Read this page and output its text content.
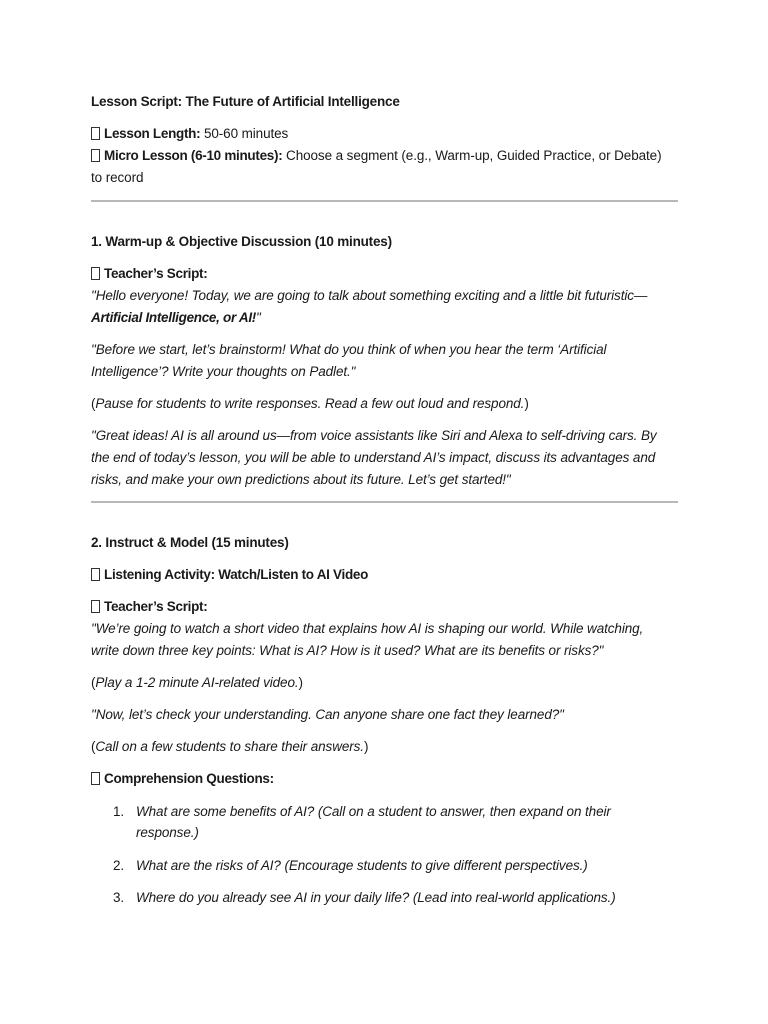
Lesson Script: The Future of Artificial Intelligence
Lesson Length: 50-60 minutes
Micro Lesson (6-10 minutes): Choose a segment (e.g., Warm-up, Guided Practice, or Debate)
to record
1. Warm-up & Objective Discussion (10 minutes)
Teacher’s Script:
"Hello everyone! Today, we are going to talk about something exciting and a little bit futuristic—
Artificial Intelligence, or AI!"
"Before we start, let’s brainstorm! What do you think of when you hear the term ‘Artificial
Intelligence’? Write your thoughts on Padlet."
(Pause for students to write responses. Read a few out loud and respond.)
"Great ideas! AI is all around us—from voice assistants like Siri and Alexa to self-driving cars. By
the end of today’s lesson, you will be able to understand AI’s impact, discuss its advantages and
risks, and make your own predictions about its future. Let’s get started!"
2. Instruct & Model (15 minutes)
Listening Activity: Watch/Listen to AI Video
Teacher’s Script:
"We’re going to watch a short video that explains how AI is shaping our world. While watching,
write down three key points: What is AI? How is it used? What are its benefits or risks?"
(Play a 1-2 minute AI-related video.)
"Now, let’s check your understanding. Can anyone share one fact they learned?"
(Call on a few students to share their answers.)
Comprehension Questions:
1. What are some benefits of AI? (Call on a student to answer, then expand on their
response.)
2. What are the risks of AI? (Encourage students to give different perspectives.)
3. Where do you already see AI in your daily life? (Lead into real-world applications.)
